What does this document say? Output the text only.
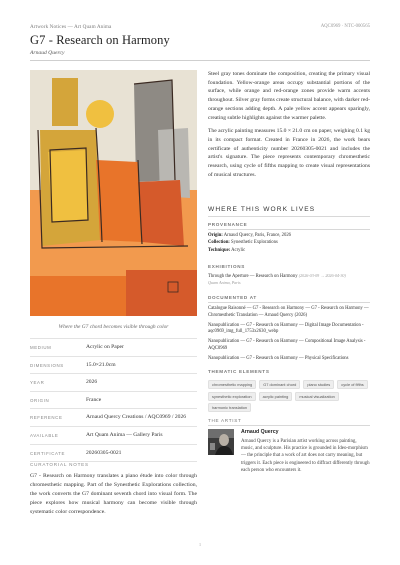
Artwork Notices — Art Quam Anima	AQC0969 · NTC-000565
G7 - Research on Harmony
Arnaud Quercy
Where the G7 chord becomes visible through color
MEDIUM	Acrylic on Paper
DIMENSIONS	15.0×21.0cm
YEAR	2026
ORIGIN	France
REFERENCE	Arnaud Quercy Creations / AQC0969 / 2026
AVAILABLE	Art Quam Anima — Gallery Paris
CERTIFICATE	20260305-0021
CURATORIAL NOTES

G7 - Research on Harmony translates a piano étude into color through chromesthetic mapping. Part of the Synesthetic Explorations collection, the work converts the G7 dominant seventh chord into visual form. The piece explores how musical harmony can become visible through systematic color correspondence.

Steel gray tones dominate the composition, creating the primary visual foundation. Yellow-orange areas occupy substantial portions of the surface, while orange and red-orange zones provide warm accents throughout. Silver gray forms create structural balance, with darker red-orange sections adding depth. A pale yellow accent appears sparingly, creating subtle highlights against the warmer palette.

The acrylic painting measures 15.0 × 21.0 cm on paper, weighing 0.1 kg in its compact format. Created in France in 2026, the work bears certificate of authenticity number 20260305-0021 and includes the artist's signature. The piece represents contemporary chromesthetic research, using cycle of fifths mapping to create visual representations of musical structures.

WHERE THIS WORK LIVES
PROVENANCE
Origin: Arnaud Quercy, Paris, France, 2026
Collection: Synesthetic Explorations
Technique: Acrylic
EXHIBITIONS
Through the Aperture — Research on Harmony (2026-03-09 → 2026-04-30)
Quam Anima, Paris
DOCUMENTED AT
Catalogue Raisonné — G7 - Research on Harmony — G7 - Research on Harmony — Chromesthetic Translation — Arnaud Quercy (2026)
Nanopublication — G7 - Research on Harmony — Digital Image Documentation - aqc0969_img_full_1753x2630_webp
Nanopublication — G7 - Research on Harmony — Compositional Image Analysis - AQC0969
Nanopublication — G7 - Research on Harmony — Physical Specifications
THEMATIC ELEMENTS
chromesthetic mapping	G7 dominant chord	piano studies	cycle of fifths
synesthetic exploration	acrylic painting	musical visualization
harmonic translation
THE ARTIST
Arnaud Quercy
Arnaud Quercy is a Parisian artist working across painting, music, and sculpture. His practice is grounded in Ideo-morphism — the principle that a work of art does not carry meaning, but triggers it. Each piece is engineered to diffract differently through each person who encounters it.
1
